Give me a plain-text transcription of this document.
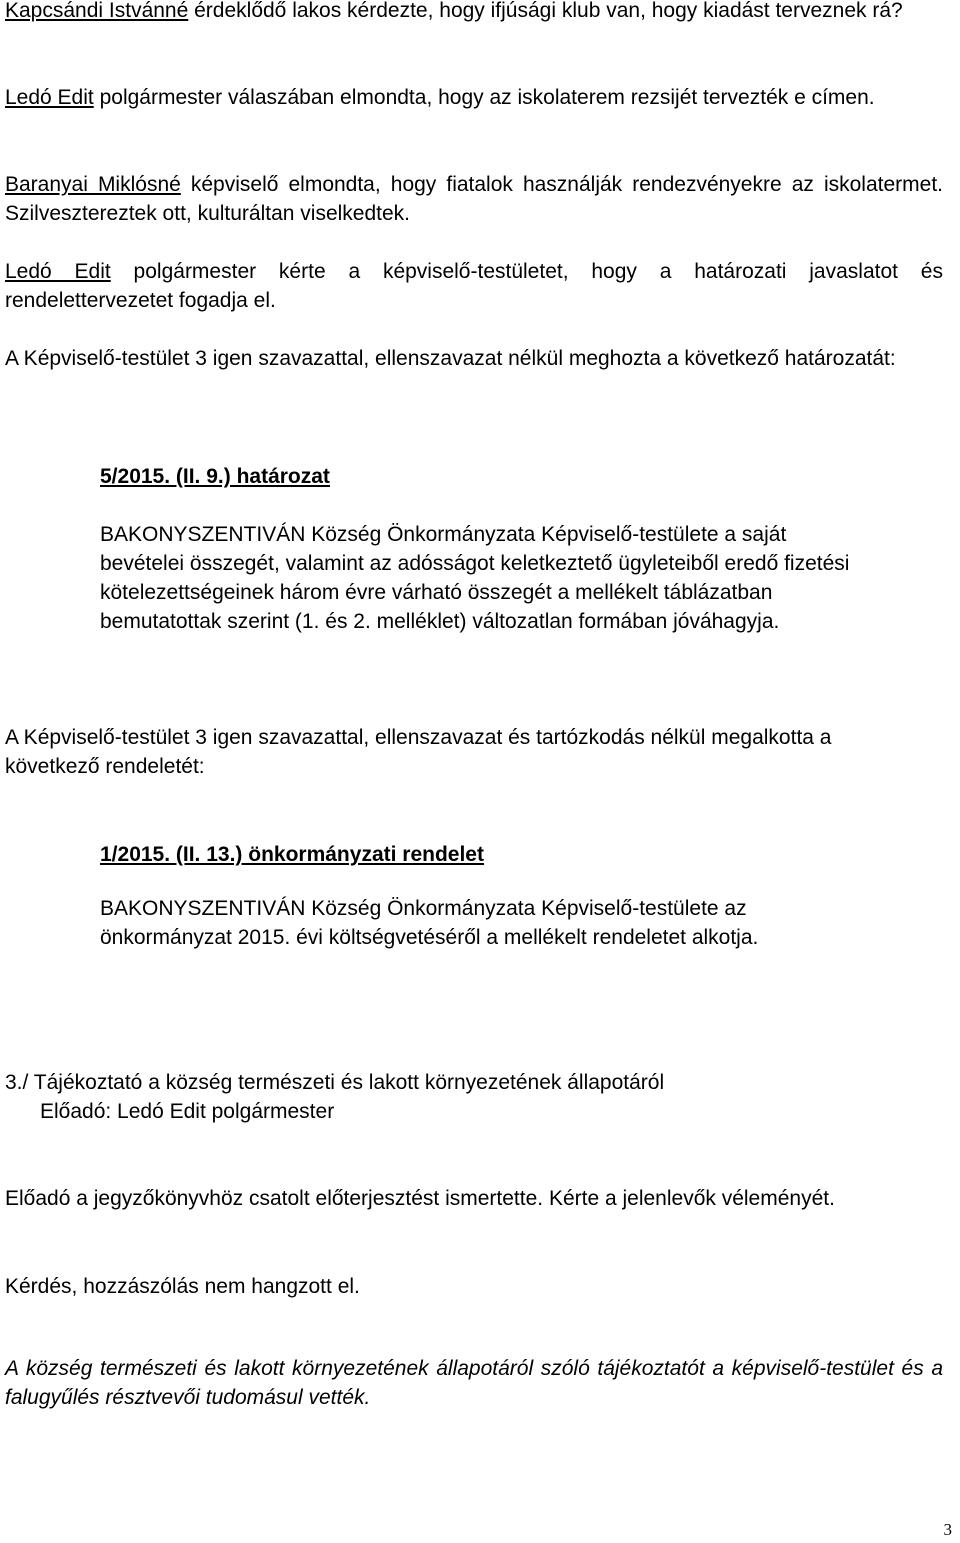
Kapcsándi Istvánné érdeklődő lakos kérdezte, hogy ifjúsági klub van, hogy kiadást terveznek rá?
Ledó Edit polgármester válaszában elmondta, hogy az iskolaterem rezsijét tervezték e címen.
Baranyai Miklósné képviselő elmondta, hogy fiatalok használják rendezvényekre az iskolatermet. Szilvesztereztek ott, kulturáltan viselkedtek.
Ledó Edit polgármester kérte a képviselő-testületet, hogy a határozati javaslatot és rendelettervezetet fogadja el.
A Képviselő-testület 3 igen szavazattal, ellenszavazat nélkül meghozta a következő határozatát:
5/2015. (II. 9.) határozat
BAKONYSZENTIVÁN Község Önkormányzata Képviselő-testülete a saját bevételei összegét, valamint az adósságot keletkeztető ügyleteiből eredő fizetési kötelezettségeinek három évre várható összegét a mellékelt táblázatban bemutatottak szerint (1. és 2. melléklet) változatlan formában jóváhagyja.
A Képviselő-testület 3 igen szavazattal, ellenszavazat és tartózkodás nélkül megalkotta a következő rendeletét:
1/2015. (II. 13.) önkormányzati rendelet
BAKONYSZENTIVÁN Község Önkormányzata Képviselő-testülete az önkormányzat 2015. évi költségvetéséről a mellékelt rendeletet alkotja.
3./ Tájékoztató a község természeti és lakott környezetének állapotáról
Előadó: Ledó Edit polgármester
Előadó a jegyzőkönyvhöz csatolt előterjesztést ismertette. Kérte a jelenlevők véleményét.
Kérdés, hozzászólás nem hangzott el.
A község természeti és lakott környezetének állapotáról szóló tájékoztatót a képviselő-testület és a falugyűlés résztvevői tudomásul vették.
3
